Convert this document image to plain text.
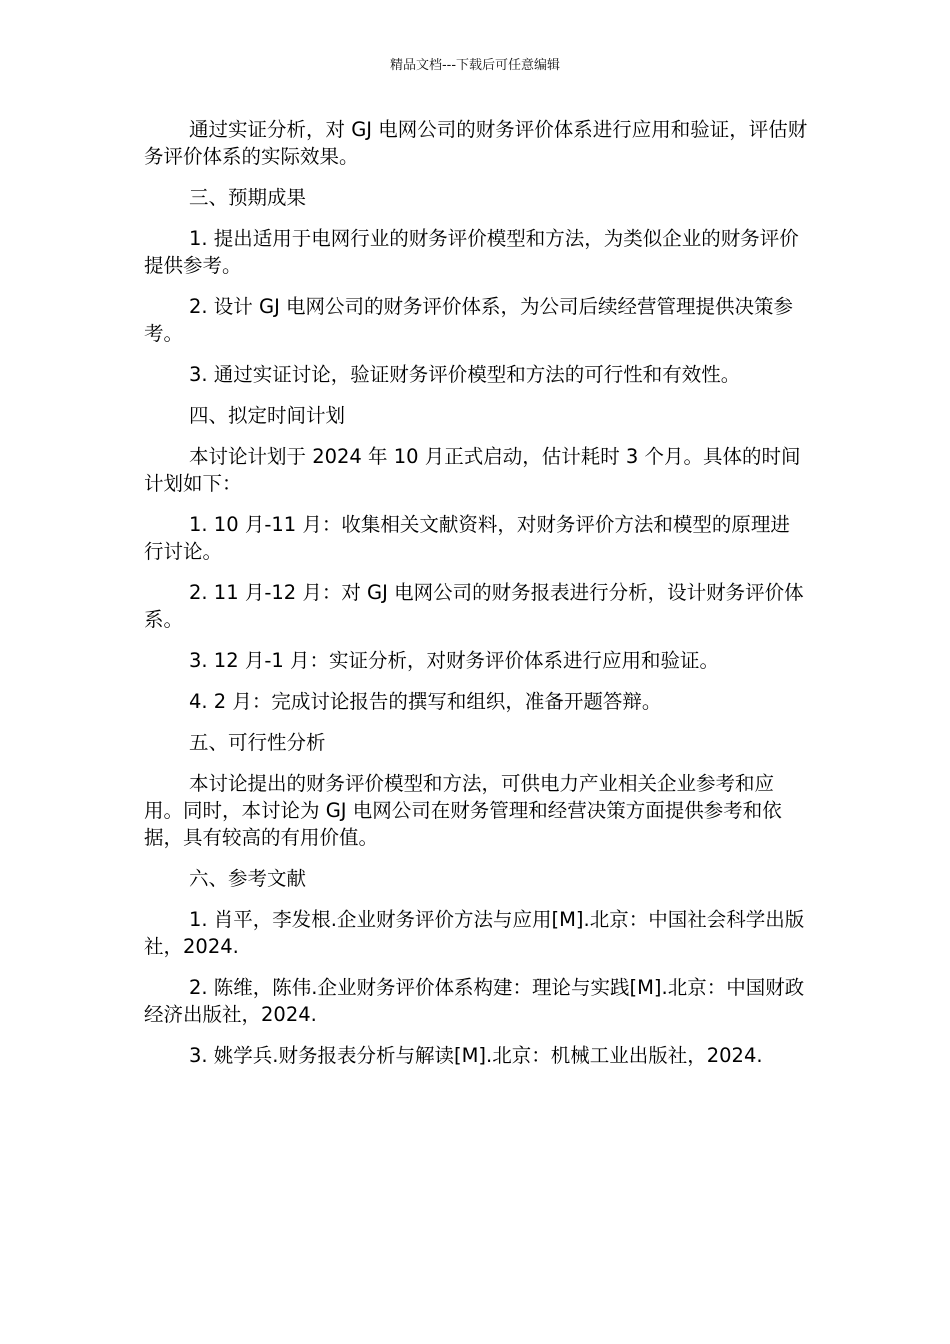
精品文档---下载后可任意编辑

通过实证分析，对 GJ 电网公司的财务评价体系进行应用和验证，评估财务评价体系的实际效果。

三、预期成果

1. 提出适用于电网行业的财务评价模型和方法，为类似企业的财务评价提供参考。

2. 设计 GJ 电网公司的财务评价体系，为公司后续经营管理提供决策参考。

3. 通过实证讨论，验证财务评价模型和方法的可行性和有效性。

四、拟定时间计划

本讨论计划于 2024 年 10 月正式启动，估计耗时 3 个月。具体的时间计划如下：

1. 10 月-11 月：收集相关文献资料，对财务评价方法和模型的原理进行讨论。

2. 11 月-12 月：对 GJ 电网公司的财务报表进行分析，设计财务评价体系。

3. 12 月-1 月：实证分析，对财务评价体系进行应用和验证。

4. 2 月：完成讨论报告的撰写和组织，准备开题答辩。

五、可行性分析

本讨论提出的财务评价模型和方法，可供电力产业相关企业参考和应用。同时，本讨论为 GJ 电网公司在财务管理和经营决策方面提供参考和依据，具有较高的有用价值。

六、参考文献

1. 肖平，李发根.企业财务评价方法与应用[M].北京：中国社会科学出版社，2024.

2. 陈维，陈伟.企业财务评价体系构建：理论与实践[M].北京：中国财政经济出版社，2024.

3. 姚学兵.财务报表分析与解读[M].北京：机械工业出版社，2024.
